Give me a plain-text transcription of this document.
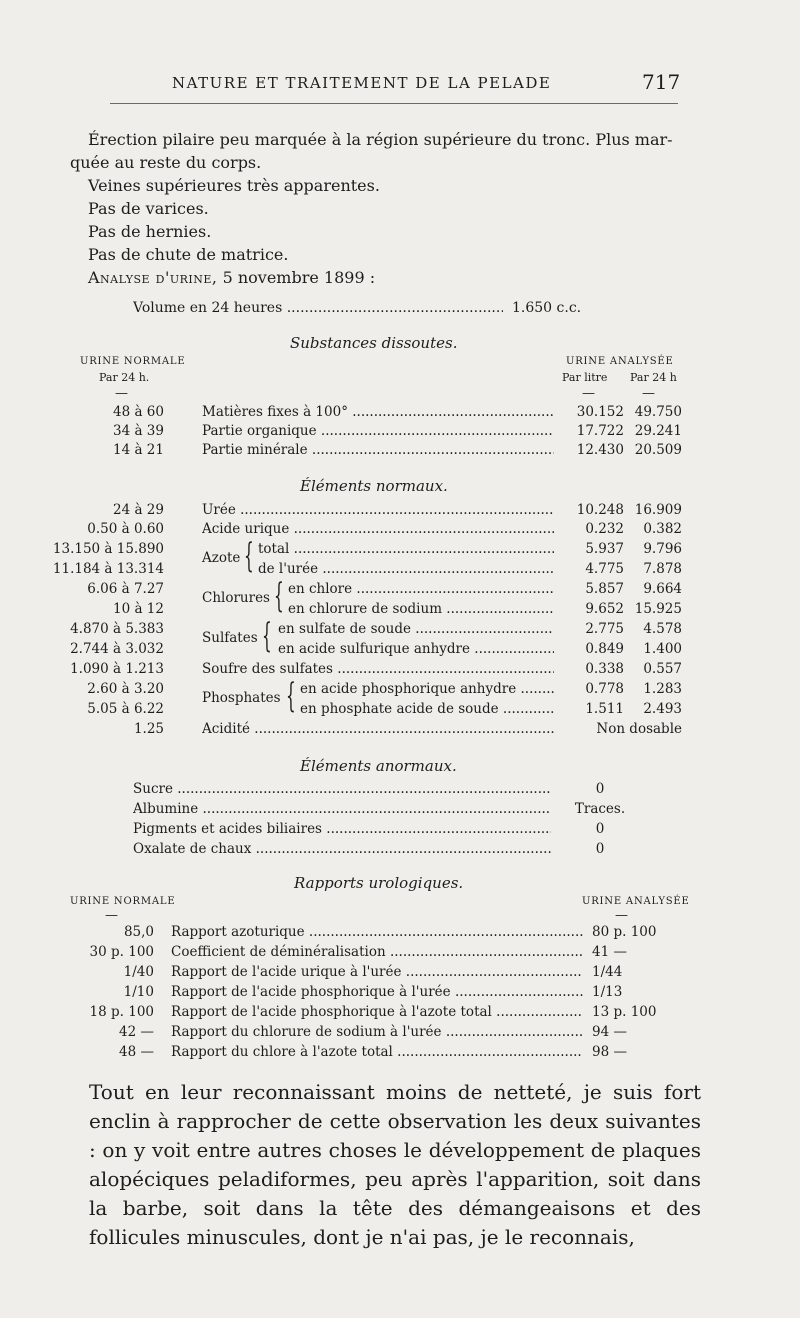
NATURE ET TRAITEMENT DE LA PELADE	717
Érection pilaire peu marquée à la région supérieure du tronc. Plus mar-
quée au reste du corps.
Veines supérieures très apparentes.
Pas de varices.
Pas de hernies.
Pas de chute de matrice.
Analyse d'urine, 5 novembre 1899 :
Volume en 24 heures .....	1.650 c.c.
Substances dissoutes.
URINE NORMALE	URINE ANALYSÉE
Par 24 h.	Par litre Par 24 h
—	—	—
48 à 60	Matières fixes à 100° .....	30.152 49.750
34 à 39	Partie organique .....	17.722 29.241
14 à 21	Partie minérale .....	12.430 20.509
Éléments normaux.
24 à 29	Urée .....	10.248 16.909
0.50 à 0.60	Acide urique .....	0.232 0.382
Azote {
13.150 à 15.890	total .....	5.937 9.796
11.184 à 13.314	de l'urée .....	4.775 7.878
Chlorures {
6.06 à 7.27	en chlore .....	5.857 9.664
10 à 12	en chlorure de sodium .....	9.652 15.925
Sulfates {
4.870 à 5.383	en sulfate de soude .....	2.775 4.578
2.744 à 3.032	en acide sulfurique anhydre .....	0.849 1.400
1.090 à 1.213	Soufre des sulfates .....	0.338 0.557
Phosphates {
2.60 à 3.20	en acide phosphorique anhydre .....	0.778 1.283
5.05 à 6.22	en phosphate acide de soude .....	1.511 2.493
1.25	Acidité .....	Non dosable
Éléments anormaux.
Sucre .....	0
Albumine .....	Traces.
Pigments et acides biliaires .....	0
Oxalate de chaux .....	0
Rapports urologiques.
URINE NORMALE	URINE ANALYSÉE
—	—
85,0 Rapport azoturique .....	80 p. 100
30 p. 100 Coefficient de déminéralisation .....	41 —
1/40 Rapport de l'acide urique à l'urée .....	1/44
1/10 Rapport de l'acide phosphorique à l'urée .....	1/13
18 p. 100 Rapport de l'acide phosphorique à l'azote total .....	13 p. 100
42 — Rapport du chlorure de sodium à l'urée .....	94 —
48 — Rapport du chlore à l'azote total .....	98 —
Tout en leur reconnaissant moins de netteté, je suis fort enclin à rapprocher de cette observation les deux suivantes : on y voit entre autres choses le développement de plaques alopéciques peladiformes, peu après l'apparition, soit dans la barbe, soit dans la tête des démangeaisons et des follicules minuscules, dont je n'ai pas, je le reconnais,
